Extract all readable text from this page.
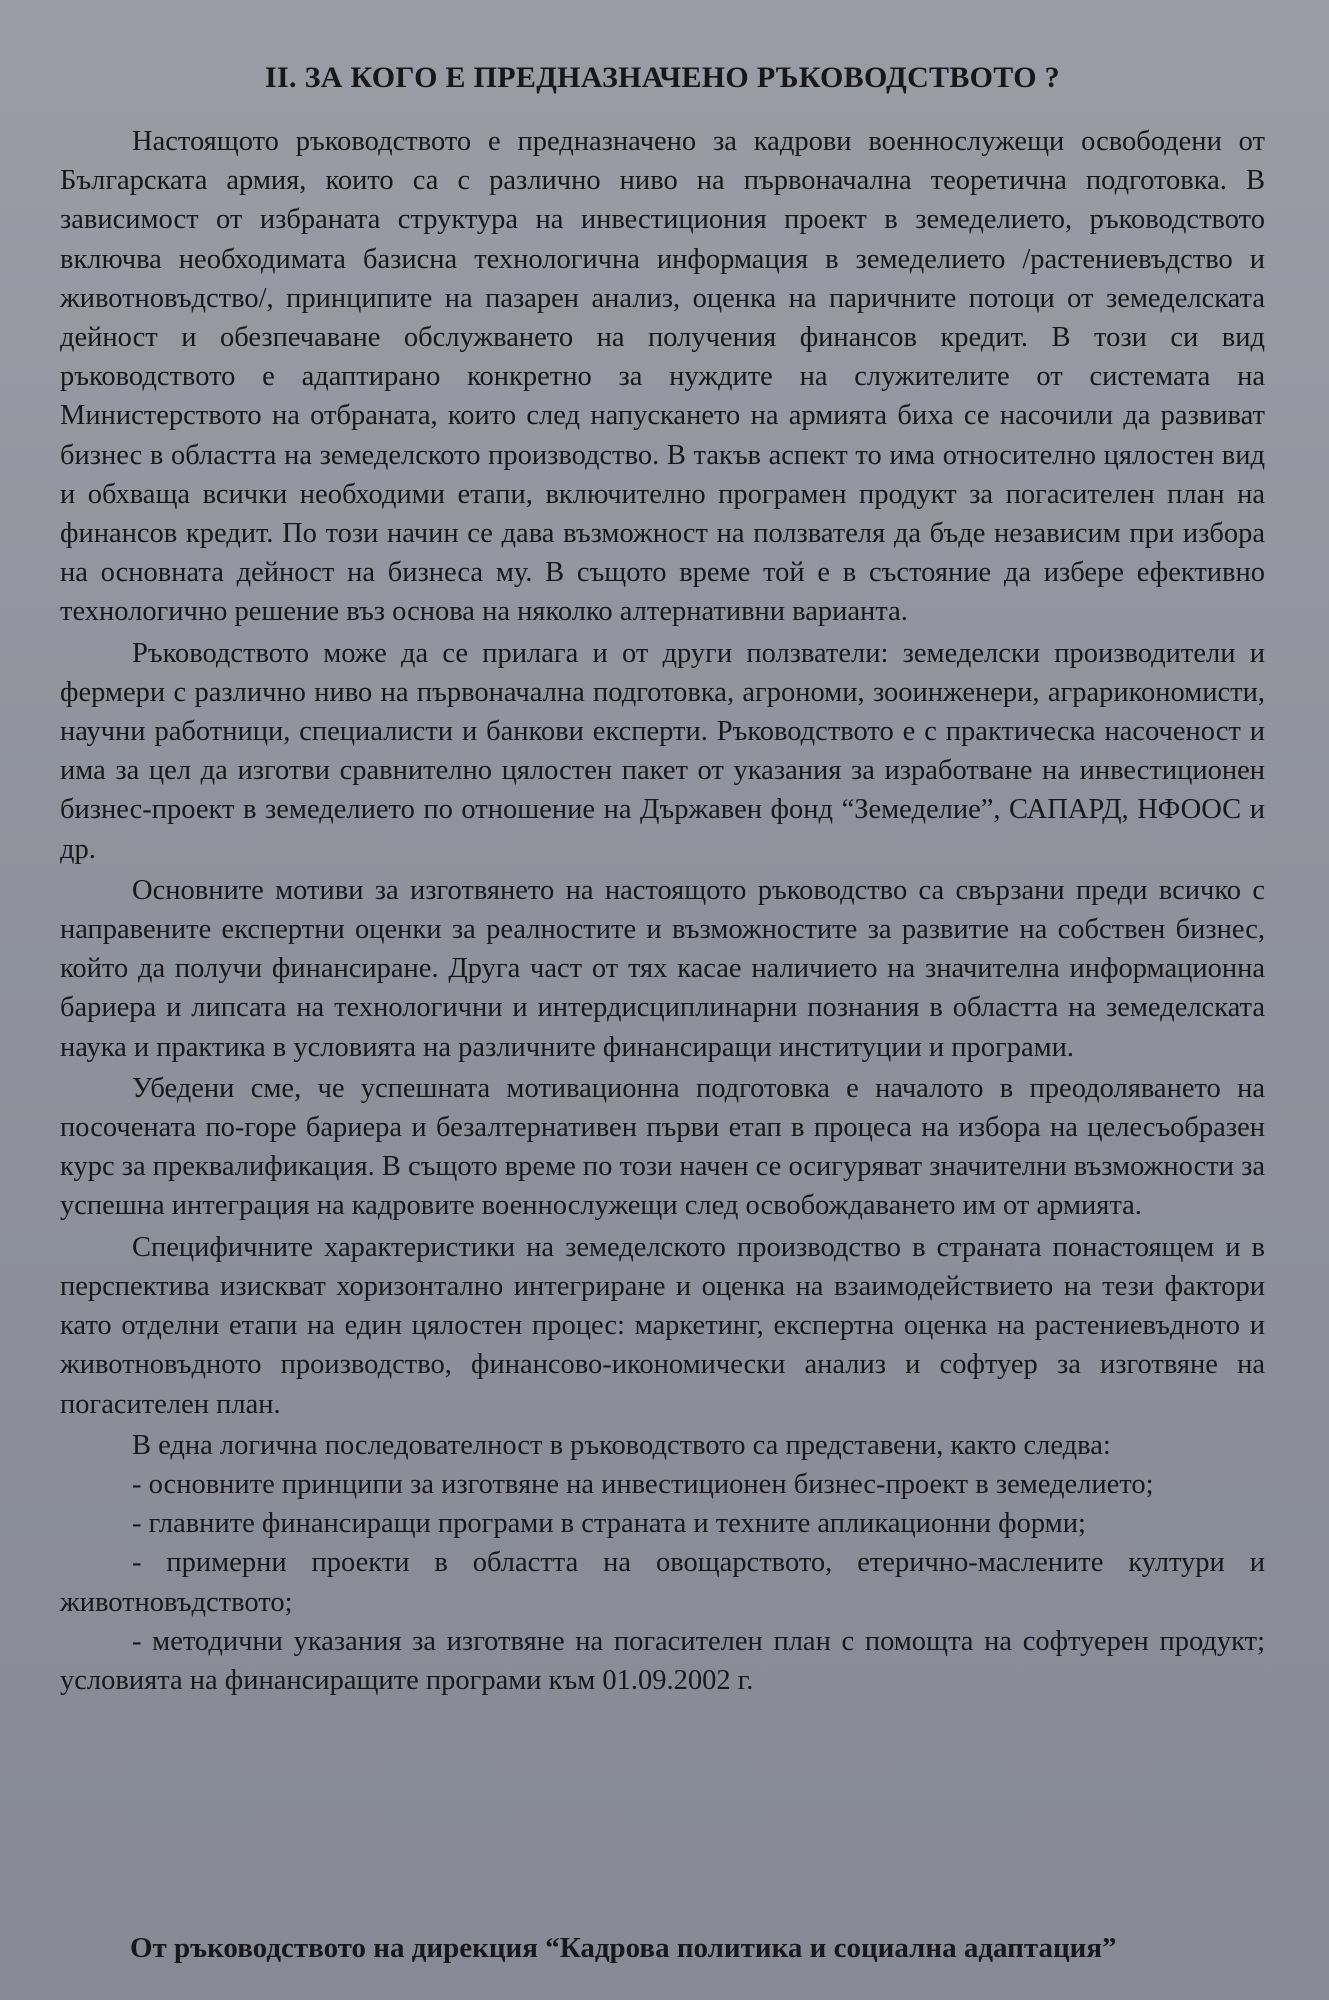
II. ЗА КОГО Е ПРЕДНАЗНАЧЕНО РЪКОВОДСТВОТО ?

Настоящото ръководството е предназначено за кадрови военнослужещи освободени от Българската армия, които са с различно ниво на първоначална теоретична подготовка. В зависимост от избраната структура на инвестициония проект в земеделието, ръководството включва необходимата базисна технологична информация в земеделието /растениевъдство и животновъдство/, принципите на пазарен анализ, оценка на паричните потоци от земеделската дейност и обезпечаване обслужването на получения финансов кредит. В този си вид ръководството е адаптирано конкретно за нуждите на служителите от системата на Министерството на отбраната, които след напускането на армията биха се насочили да развиват бизнес в областта на земеделското производство. В такъв аспект то има относително цялостен вид и обхваща всички необходими етапи, включително програмен продукт за погасителен план на финансов кредит. По този начин се дава възможност на ползвателя да бъде независим при избора на основната дейност на бизнеса му. В същото време той е в състояние да избере ефективно технологично решение въз основа на няколко алтернативни варианта.

Ръководството може да се прилага и от други ползватели: земеделски производители и фермери с различно ниво на първоначална подготовка, агрономи, зооинженери, аграрикономисти, научни работници, специалисти и банкови експерти. Ръководството е с практическа насоченост и има за цел да изготви сравнително цялостен пакет от указания за изработване на инвестиционен бизнес-проект в земеделието по отношение на Държавен фонд “Земеделие”, САПАРД, НФООС и др.

Основните мотиви за изготвянето на настоящото ръководство са свързани преди всичко с направените експертни оценки за реалностите и възможностите за развитие на собствен бизнес, който да получи финансиране. Друга част от тях касае наличието на значителна информационна бариера и липсата на технологични и интердисциплинарни познания в областта на земеделската наука и практика в условията на различните финансиращи институции и програми.

Убедени сме, че успешната мотивационна подготовка е началото в преодоляването на посочената по-горе бариера и безалтернативен първи етап в процеса на избора на целесъобразен курс за преквалификация. В същото време по този начен се осигуряват значителни възможности за успешна интеграция на кадровите военнослужещи след освобождаването им от армията.

Специфичните характеристики на земеделското производство в страната понастоящем и в перспектива изискват хоризонтално интегриране и оценка на взаимодействието на тези фактори като отделни етапи на един цялостен процес: маркетинг, експертна оценка на растениевъдното и животновъдното производство, финансово-икономически анализ и софтуер за изготвяне на погасителен план.

В една логична последователност в ръководството са представени, както следва:

- основните принципи за изготвяне на инвестиционен бизнес-проект в земеделието;
- главните финансиращи програми в страната и техните апликационни форми;
- примерни проекти в областта на овощарството, етерично-маслените култури и животновъдството;
- методични указания за изготвяне на погасителен план с помощта на софтуерен продукт; условията на финансиращите програми към 01.09.2002 г.
От ръководството на дирекция “Кадрова политика и социална адаптация”
